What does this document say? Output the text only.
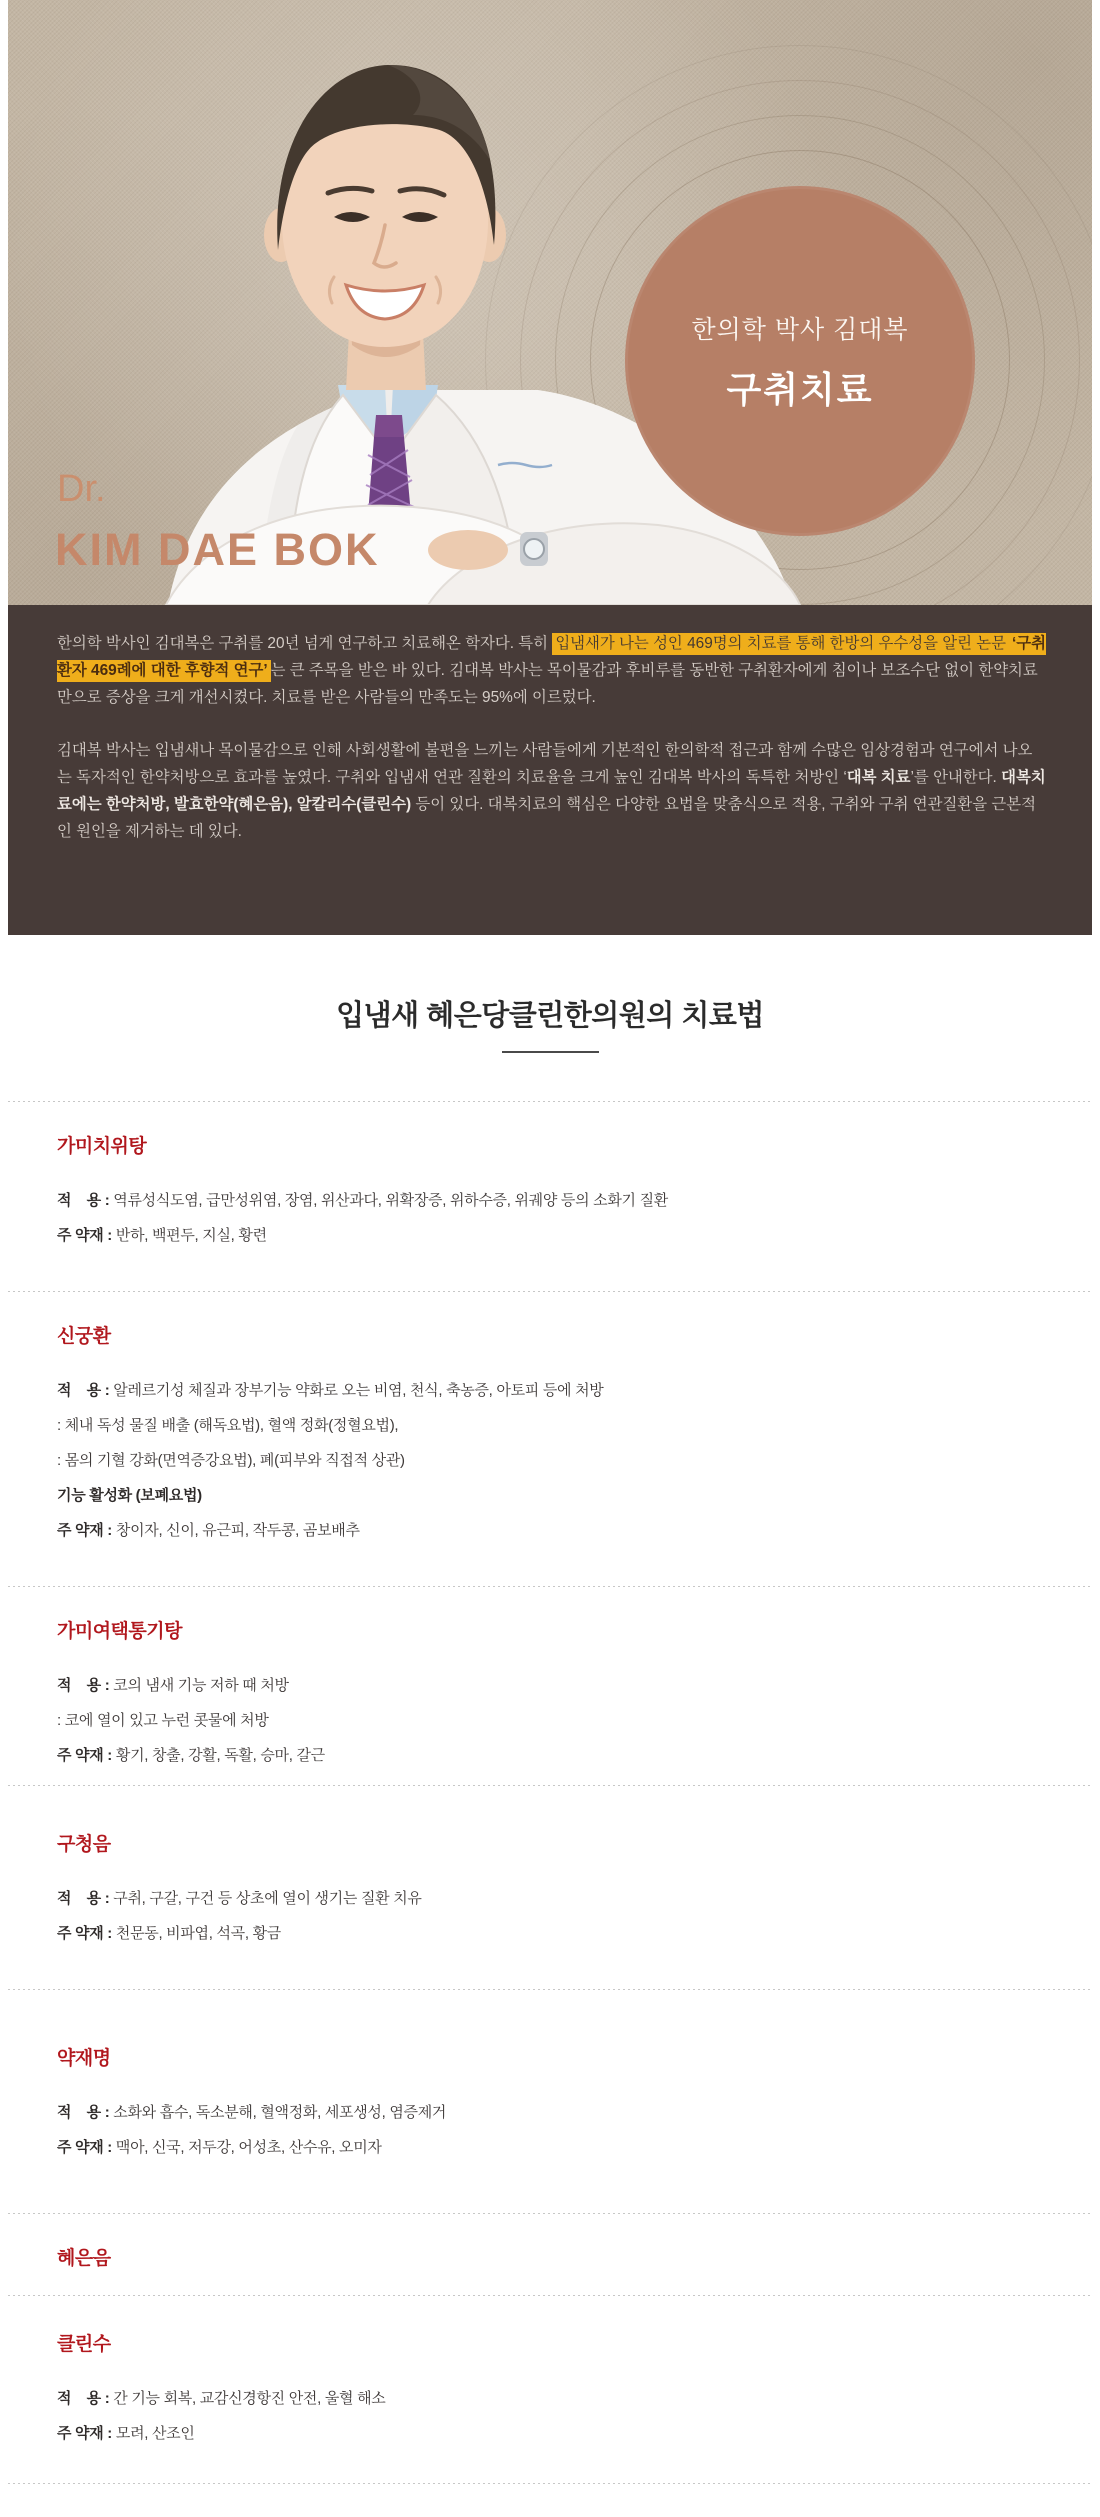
한의학 박사 김대복
구취치료
Dr.
KIM DAE BOK

한의학 박사인 김대복은 구취를 20년 넘게 연구하고 치료해온 학자다. 특히 입냄새가 나는 성인 469명의 치료를 통해 한방의 우수성을 알린 논문 ‘구취환자 469례에 대한 후향적 연구’ 는 큰 주목을 받은 바 있다. 김대복 박사는 목이물감과 후비루를 동반한 구취환자에게 침이나 보조수단 없이 한약치료 만으로 증상을 크게 개선시켰다. 치료를 받은 사람들의 만족도는 95%에 이르렀다.

김대복 박사는 입냄새나 목이물감으로 인해 사회생활에 불편을 느끼는 사람들에게 기본적인 한의학적 접근과 함께 수많은 임상경험과 연구에서 나오는 독자적인 한약처방으로 효과를 높였다. 구취와 입냄새 연관 질환의 치료율을 크게 높인 김대복 박사의 독특한 처방인 ‘대복 치료’를 안내한다. 대복치료에는 한약처방, 발효한약(혜은음), 알칼리수(클린수) 등이 있다. 대복치료의 핵심은 다양한 요법을 맞춤식으로 적용, 구취와 구취 연관질환을 근본적인 원인을 제거하는 데 있다.

입냄새 혜은당클린한의원의 치료법
가미치위탕
적    용 : 역류성식도염, 급만성위염, 장염, 위산과다, 위확장증, 위하수증, 위궤양 등의 소화기 질환
주 약재 : 반하, 백편두, 지실, 황련
신궁환
적    용 : 알레르기성 체질과 장부기능 약화로 오는 비염, 천식, 축농증, 아토피 등에 처방
: 체내 독성 물질 배출 (해독요법), 혈액 정화(정혈요법),
: 몸의 기혈 강화(면역증강요법), 폐(피부와 직접적 상관)
기능 활성화 (보폐요법)
주 약재 : 창이자, 신이, 유근피, 작두콩, 곰보배추
가미여택통기탕
적    용 : 코의 냄새 기능 저하 때 처방
: 코에 열이 있고 누런 콧물에 처방
주 약재 : 황기, 창출, 강활, 독활, 승마, 갈근
구청음
적    용 : 구취, 구갈, 구건 등 상초에 열이 생기는 질환 치유
주 약재 : 천문동, 비파엽, 석곡, 황금
약재명
적    용 : 소화와 흡수, 독소분해, 혈액정화, 세포생성, 염증제거
주 약재 : 맥아, 신국, 저두강, 어성초, 산수유, 오미자
혜은음
클린수
적    용 : 간 기능 회복, 교감신경항진 안전, 울혈 해소
주 약재 : 모려, 산조인
